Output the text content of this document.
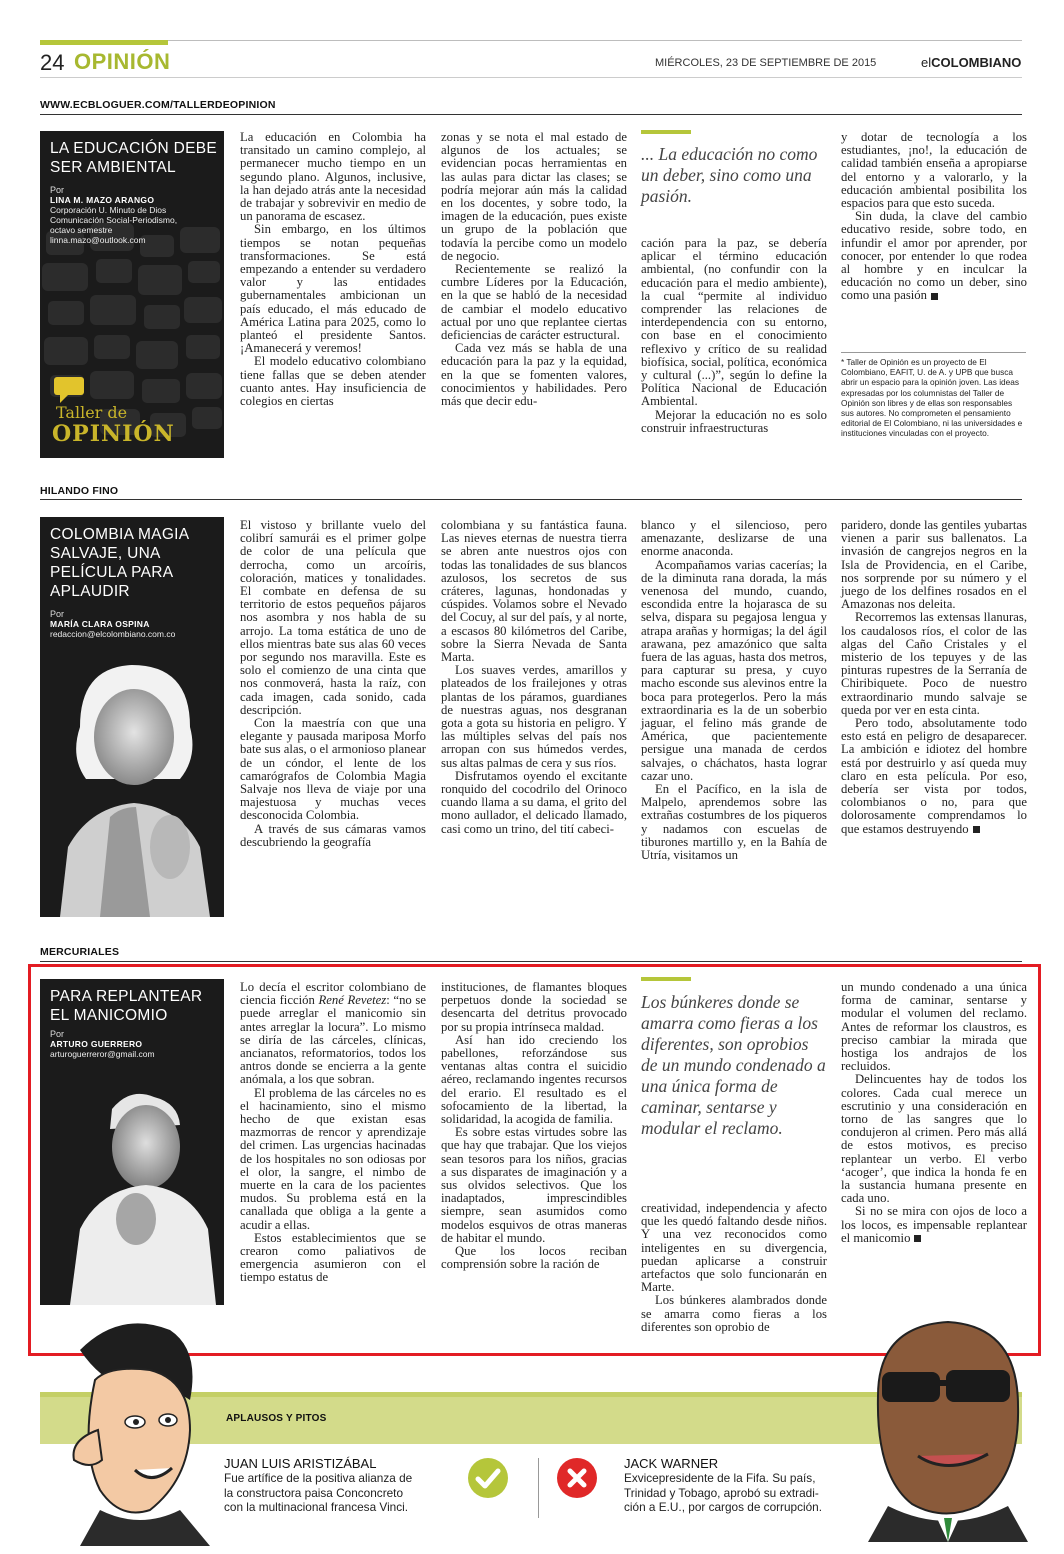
24 OPINIÓN	MIÉRCOLES, 23 DE SEPTIEMBRE DE 2015	elCOLOMBIANO
WWW.ECBLOGUER.COM/TALLERDEOPINION
LA EDUCACIÓN DEBE SER AMBIENTAL
Por
LINA M. MAZO ARANGO
Corporación U. Minuto de Dios
Comunicación Social-Periodismo,
octavo semestre
linna.mazo@outlook.com
Taller de
OPINIÓN

La educación en Colombia ha transitado un camino complejo, al permanecer mucho tiempo en un segundo plano. Algunos, inclusive, la han dejado atrás ante la necesidad de trabajar y sobrevivir en medio de un panorama de escasez.

Sin embargo, en los últimos tiempos se notan pequeñas transformaciones. Se está empezando a entender su verdadero valor y las entidades gubernamentales ambicionan un país educado, el más educado de América Latina para 2025, como lo planteó el presidente Santos. ¡Amanecerá y veremos!

El modelo educativo colombiano tiene fallas que se deben atender cuanto antes. Hay insuficiencia de colegios en ciertas

zonas y se nota el mal estado de algunos de los actuales; se evidencian pocas herramientas en las aulas para dictar las clases; se podría mejorar aún más la calidad en los docentes, y sobre todo, la imagen de la educación, pues existe un grupo de la población que todavía la percibe como un modelo de negocio.

Recientemente se realizó la cumbre Líderes por la Educación, en la que se habló de la necesidad de cambiar el modelo educativo actual por uno que replantee ciertas deficiencias de carácter estructural.

Cada vez más se habla de una educación para la paz y la equidad, en la que se fomenten valores, conocimientos y habilidades. Pero más que decir edu-

... La educación no como un deber, sino como una pasión.

cación para la paz, se debería aplicar el término educación ambiental, (no confundir con la educación para el medio ambiente), la cual “permite al individuo comprender las relaciones de interdependencia con su entorno, con base en el conocimiento reflexivo y crítico de su realidad biofísica, social, política, económica y cultural (...)”, según lo define la Política Nacional de Educación Ambiental.

Mejorar la educación no es solo construir infraestructuras

y dotar de tecnología a los estudiantes, ¡no!, la educación de calidad también enseña a apropiarse del entorno y a valorarlo, y la educación ambiental posibilita los espacios para que esto suceda.

Sin duda, la clave del cambio educativo reside, sobre todo, en infundir el amor por aprender, por conocer, por entender lo que rodea al hombre y en inculcar la educación no como un deber, sino como una pasión

* Taller de Opinión es un proyecto de El Colombiano, EAFIT, U. de A. y UPB que busca abrir un espacio para la opinión joven. Las ideas expresadas por los columnistas del Taller de Opinión son libres y de ellas son responsables sus autores. No comprometen el pensamiento editorial de El Colombiano, ni las universidades e instituciones vinculadas con el proyecto.
HILANDO FINO
COLOMBIA MAGIA SALVAJE, UNA PELÍCULA PARA APLAUDIR
Por
MARÍA CLARA OSPINA
redaccion@elcolombiano.com.co

El vistoso y brillante vuelo del colibrí samurái es el primer golpe de color de una película que derrocha, como un arcoíris, coloración, matices y tonalidades. El combate en defensa de su territorio de estos pequeños pájaros nos asombra y nos habla de su arrojo. La toma estática de uno de ellos mientras bate sus alas 60 veces por segundo nos maravilla. Este es solo el comienzo de una cinta que nos conmoverá, hasta la raíz, con cada imagen, cada sonido, cada descripción.

Con la maestría con que una elegante y pausada mariposa Morfo bate sus alas, o el armonioso planear de un cóndor, el lente de los camarógrafos de Colombia Magia Salvaje nos lleva de viaje por una majestuosa y muchas veces desconocida Colombia.

A través de sus cámaras vamos descubriendo la geografía

colombiana y su fantástica fauna. Las nieves eternas de nuestra tierra se abren ante nuestros ojos con todas las tonalidades de sus blancos azulosos, los secretos de sus cráteres, lagunas, hondonadas y cúspides. Volamos sobre el Nevado del Cocuy, al sur del país, y al norte, a escasos 80 kilómetros del Caribe, sobre la Sierra Nevada de Santa Marta.

Los suaves verdes, amarillos y plateados de los frailejones y otras plantas de los páramos, guardianes de nuestras aguas, nos desgranan gota a gota su historia en peligro. Y las múltiples selvas del país nos arropan con sus húmedos verdes, sus altas palmas de cera y sus ríos.

Disfrutamos oyendo el excitante ronquido del cocodrilo del Orinoco cuando llama a su dama, el grito del mono aullador, el delicado llamado, casi como un trino, del tití cabeci-

blanco y el silencioso, pero amenazante, deslizarse de una enorme anaconda.

Acompañamos varias cacerías; la de la diminuta rana dorada, la más venenosa del mundo, cuando, escondida entre la hojarasca de su selva, dispara su pegajosa lengua y atrapa arañas y hormigas; la del ágil arawana, pez amazónico que salta fuera de las aguas, hasta dos metros, para capturar su presa, y cuyo macho esconde sus alevinos entre la boca para protegerlos. Pero la más extraordinaria es la de un soberbio jaguar, el felino más grande de América, que pacientemente persigue una manada de cerdos salvajes, o cháchatos, hasta lograr cazar uno.

En el Pacífico, en la isla de Malpelo, aprendemos sobre las extrañas costumbres de los piqueros y nadamos con escuelas de tiburones martillo y, en la Bahía de Utría, visitamos un

paridero, donde las gentiles yubartas vienen a parir sus ballenatos. La invasión de cangrejos negros en la Isla de Providencia, en el Caribe, nos sorprende por su número y el juego de los delfines rosados en el Amazonas nos deleita.

Recorremos las extensas llanuras, los caudalosos ríos, el color de las algas del Caño Cristales y el misterio de los tepuyes y de las pinturas rupestres de la Serranía de Chiribiquete. Poco de nuestro extraordinario mundo salvaje se queda por ver en esta cinta.

Pero todo, absolutamente todo esto está en peligro de desaparecer. La ambición e idiotez del hombre está por destruirlo y así queda muy claro en esta película. Por eso, debería ser vista por todos, colombianos o no, para que dolorosamente comprendamos lo que estamos destruyendo

MERCURIALES
PARA REPLANTEAR EL MANICOMIO
Por
ARTURO GUERRERO
arturoguerreror@gmail.com

Lo decía el escritor colombiano de ciencia ficción René Revetez: “no se puede arreglar el manicomio sin antes arreglar la locura”. Lo mismo se diría de las cárceles, clínicas, ancianatos, reformatorios, todos los antros donde se encierra a la gente anómala, a los que sobran.

El problema de las cárceles no es el hacinamiento, sino el mismo hecho de que existan esas mazmorras de rencor y aprendizaje del crimen. Las urgencias hacinadas de los hospitales no son odiosas por el olor, la sangre, el nimbo de muerte en la cara de los pacientes mudos. Su problema está en la canallada que obliga a la gente a acudir a ellas.

Estos establecimientos que se crearon como paliativos de emergencia asumieron con el tiempo estatus de

instituciones, de flamantes bloques perpetuos donde la sociedad se desencarta del detritus provocado por su propia intrínseca maldad.

Así han ido creciendo los pabellones, reforzándose sus ventanas altas contra el suicidio aéreo, reclamando ingentes recursos del erario. El resultado es el sofocamiento de la libertad, la solidaridad, la acogida de familia.

Es sobre estas virtudes sobre las que hay que trabajar. Que los viejos sean tesoros para los niños, gracias a sus disparates de imaginación y a sus olvidos selectivos. Que los inadaptados, imprescindibles siempre, sean asumidos como modelos esquivos de otras maneras de habitar el mundo.

Que los locos reciban comprensión sobre la ración de

Los búnkeres donde se amarra como fieras a los diferentes, son oprobios de un mundo condenado a una única forma de caminar, sentarse y modular el reclamo.

creatividad, independencia y afecto que les quedó faltando desde niños. Y una vez reconocidos como inteligentes en su divergencia, puedan aplicarse a construir artefactos que solo funcionarán en Marte.

Los búnkeres alambrados donde se amarra como fieras a los diferentes son oprobio de

un mundo condenado a una única forma de caminar, sentarse y modular el volumen del reclamo. Antes de reformar los claustros, es preciso cambiar la mirada que hostiga los andrajos de los recluidos.

Delincuentes hay de todos los colores. Cada cual merece un escrutinio y una consideración en torno de las sangres que lo condujeron al crimen. Pero más allá de estos motivos, es preciso replantear un verbo. El verbo ‘acoger’, que indica la honda fe en la sustancia humana presente en cada uno.

Si no se mira con ojos de loco a los locos, es impensable replantear el manicomio

APLAUSOS Y PITOS
JUAN LUIS ARISTIZÁBAL
Fue artífice de la positiva alianza de
la constructora paisa Conconcreto
con la multinacional francesa Vinci.
JACK WARNER
Exvicepresidente de la Fifa. Su país,
Trinidad y Tobago, aprobó su extradi-
ción a E.U., por cargos de corrupción.
